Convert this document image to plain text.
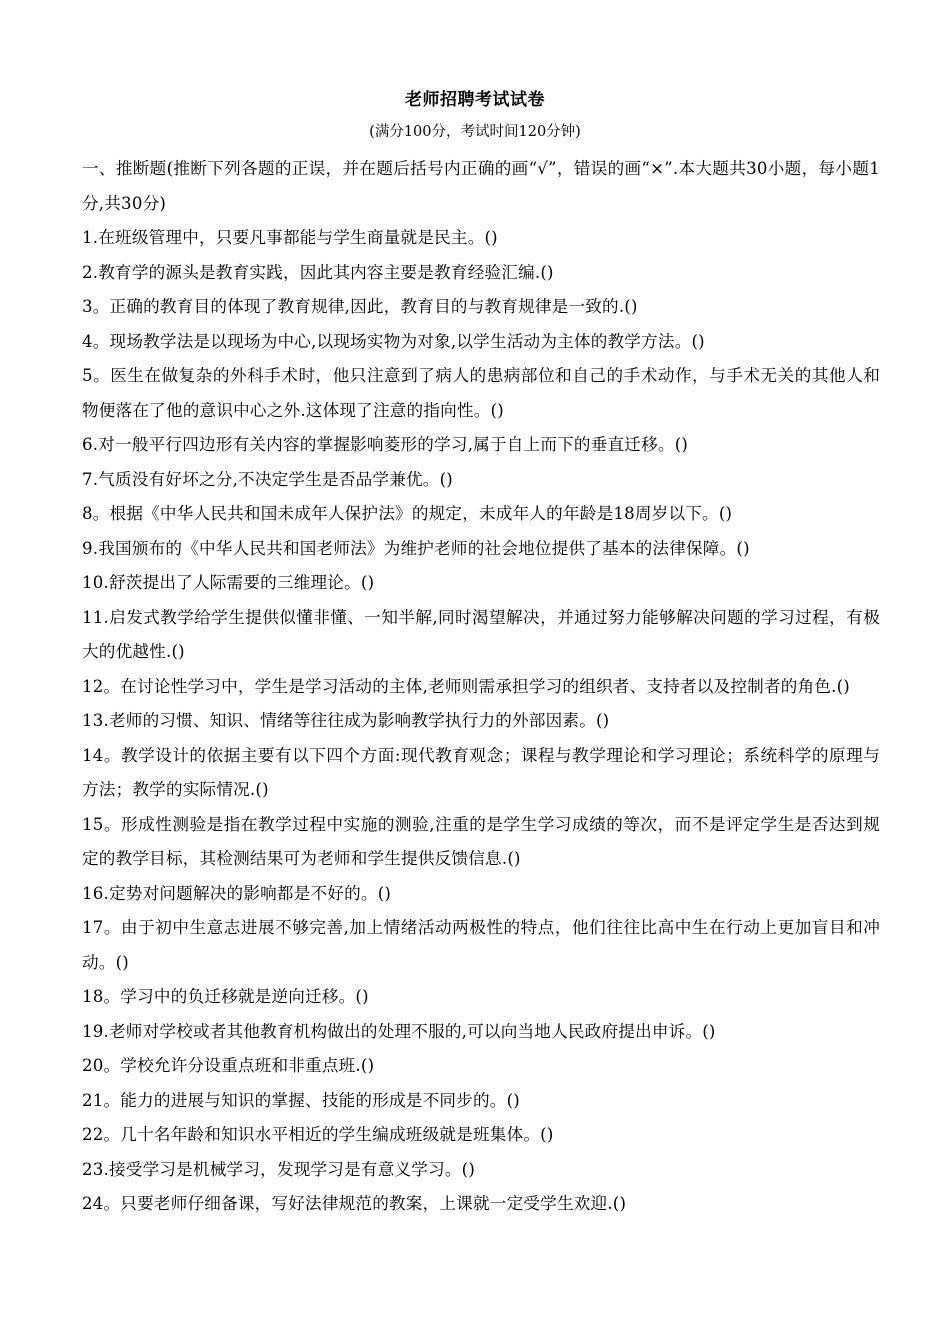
老师招聘考试试卷
(满分100分，考试时间120分钟)
一、推断题(推断下列各题的正误，并在题后括号内正确的画“√”，错误的画“×”.本大题共30小题，每小题1分,共30分)
1.在班级管理中，只要凡事都能与学生商量就是民主。()
2.教育学的源头是教育实践，因此其内容主要是教育经验汇编.()
3。正确的教育目的体现了教育规律,因此，教育目的与教育规律是一致的.()
4。现场教学法是以现场为中心,以现场实物为对象,以学生活动为主体的教学方法。()
5。医生在做复杂的外科手术时，他只注意到了病人的患病部位和自己的手术动作，与手术无关的其他人和物便落在了他的意识中心之外.这体现了注意的指向性。()
6.对一般平行四边形有关内容的掌握影响菱形的学习,属于自上而下的垂直迁移。()
7.气质没有好坏之分,不决定学生是否品学兼优。()
8。根据《中华人民共和国未成年人保护法》的规定，未成年人的年龄是18周岁以下。()
9.我国颁布的《中华人民共和国老师法》为维护老师的社会地位提供了基本的法律保障。()
10.舒茨提出了人际需要的三维理论。()
11.启发式教学给学生提供似懂非懂、一知半解,同时渴望解决，并通过努力能够解决问题的学习过程，有极大的优越性.()
12。在讨论性学习中，学生是学习活动的主体,老师则需承担学习的组织者、支持者以及控制者的角色.()
13.老师的习惯、知识、情绪等往往成为影响教学执行力的外部因素。()
14。教学设计的依据主要有以下四个方面:现代教育观念；课程与教学理论和学习理论；系统科学的原理与方法；教学的实际情况.()
15。形成性测验是指在教学过程中实施的测验,注重的是学生学习成绩的等次，而不是评定学生是否达到规定的教学目标，其检测结果可为老师和学生提供反馈信息.()
16.定势对问题解决的影响都是不好的。()
17。由于初中生意志进展不够完善,加上情绪活动两极性的特点，他们往往比高中生在行动上更加盲目和冲动。()
18。学习中的负迁移就是逆向迁移。()
19.老师对学校或者其他教育机构做出的处理不服的,可以向当地人民政府提出申诉。()
20。学校允许分设重点班和非重点班.()
21。能力的进展与知识的掌握、技能的形成是不同步的。()
22。几十名年龄和知识水平相近的学生编成班级就是班集体。()
23.接受学习是机械学习，发现学习是有意义学习。()
24。只要老师仔细备课，写好法律规范的教案，上课就一定受学生欢迎.()
